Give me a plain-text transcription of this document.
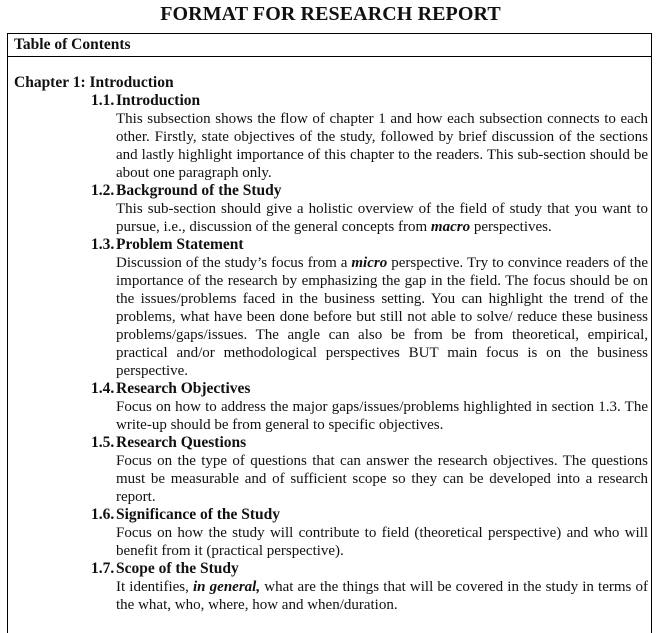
FORMAT FOR RESEARCH REPORT
Table of Contents
Chapter 1: Introduction
1.1. Introduction
This subsection shows the flow of chapter 1 and how each subsection connects to each other. Firstly, state objectives of the study, followed by brief discussion of the sections and lastly highlight importance of this chapter to the readers. This sub-section should be about one paragraph only.
1.2. Background of the Study
This sub-section should give a holistic overview of the field of study that you want to pursue, i.e., discussion of the general concepts from macro perspectives.
1.3. Problem Statement
Discussion of the study’s focus from a micro perspective. Try to convince readers of the importance of the research by emphasizing the gap in the field. The focus should be on the issues/problems faced in the business setting. You can highlight the trend of the problems, what have been done before but still not able to solve/ reduce these business problems/gaps/issues. The angle can also be from be from theoretical, empirical, practical and/or methodological perspectives BUT main focus is on the business perspective.
1.4. Research Objectives
Focus on how to address the major gaps/issues/problems highlighted in section 1.3. The write-up should be from general to specific objectives.
1.5. Research Questions
Focus on the type of questions that can answer the research objectives. The questions must be measurable and of sufficient scope so they can be developed into a research report.
1.6. Significance of the Study
Focus on how the study will contribute to field (theoretical perspective) and who will benefit from it (practical perspective).
1.7. Scope of the Study
It identifies, in general, what are the things that will be covered in the study in terms of the what, who, where, how and when/duration.
